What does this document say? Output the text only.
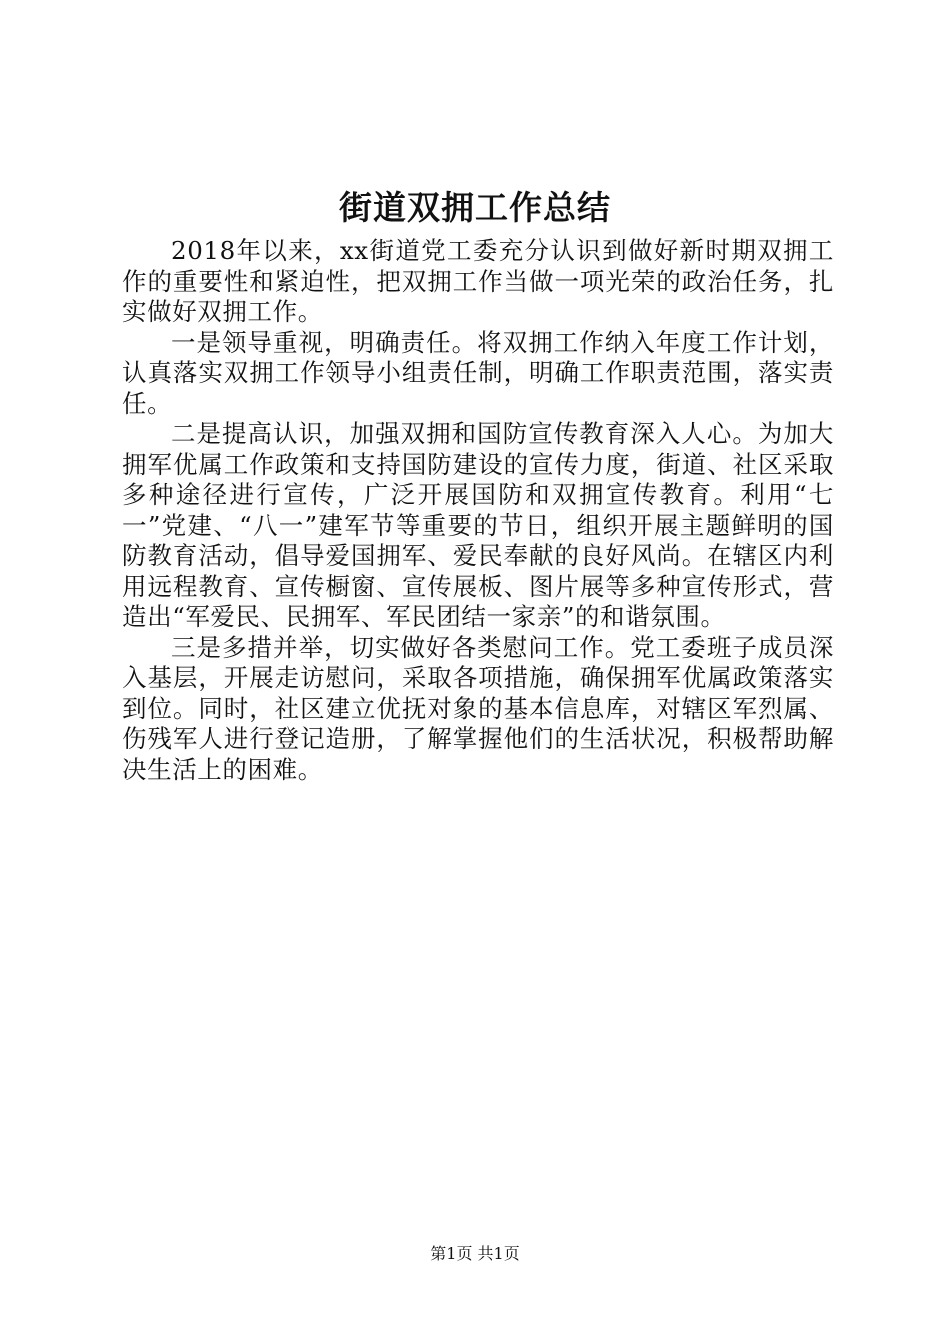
街道双拥工作总结

2018年以来，xx街道党工委充分认识到做好新时期双拥工作的重要性和紧迫性，把双拥工作当做一项光荣的政治任务，扎实做好双拥工作。

一是领导重视，明确责任。将双拥工作纳入年度工作计划，认真落实双拥工作领导小组责任制，明确工作职责范围，落实责任。

二是提高认识，加强双拥和国防宣传教育深入人心。为加大拥军优属工作政策和支持国防建设的宣传力度，街道、社区采取多种途径进行宣传，广泛开展国防和双拥宣传教育。利用“七一”党建、“八一”建军节等重要的节日，组织开展主题鲜明的国防教育活动，倡导爱国拥军、爱民奉献的良好风尚。在辖区内利用远程教育、宣传橱窗、宣传展板、图片展等多种宣传形式，营造出“军爱民、民拥军、军民团结一家亲”的和谐氛围。

三是多措并举，切实做好各类慰问工作。党工委班子成员深入基层，开展走访慰问，采取各项措施，确保拥军优属政策落实到位。同时，社区建立优抚对象的基本信息库，对辖区军烈属、伤残军人进行登记造册，了解掌握他们的生活状况，积极帮助解决生活上的困难。

第1页 共1页
